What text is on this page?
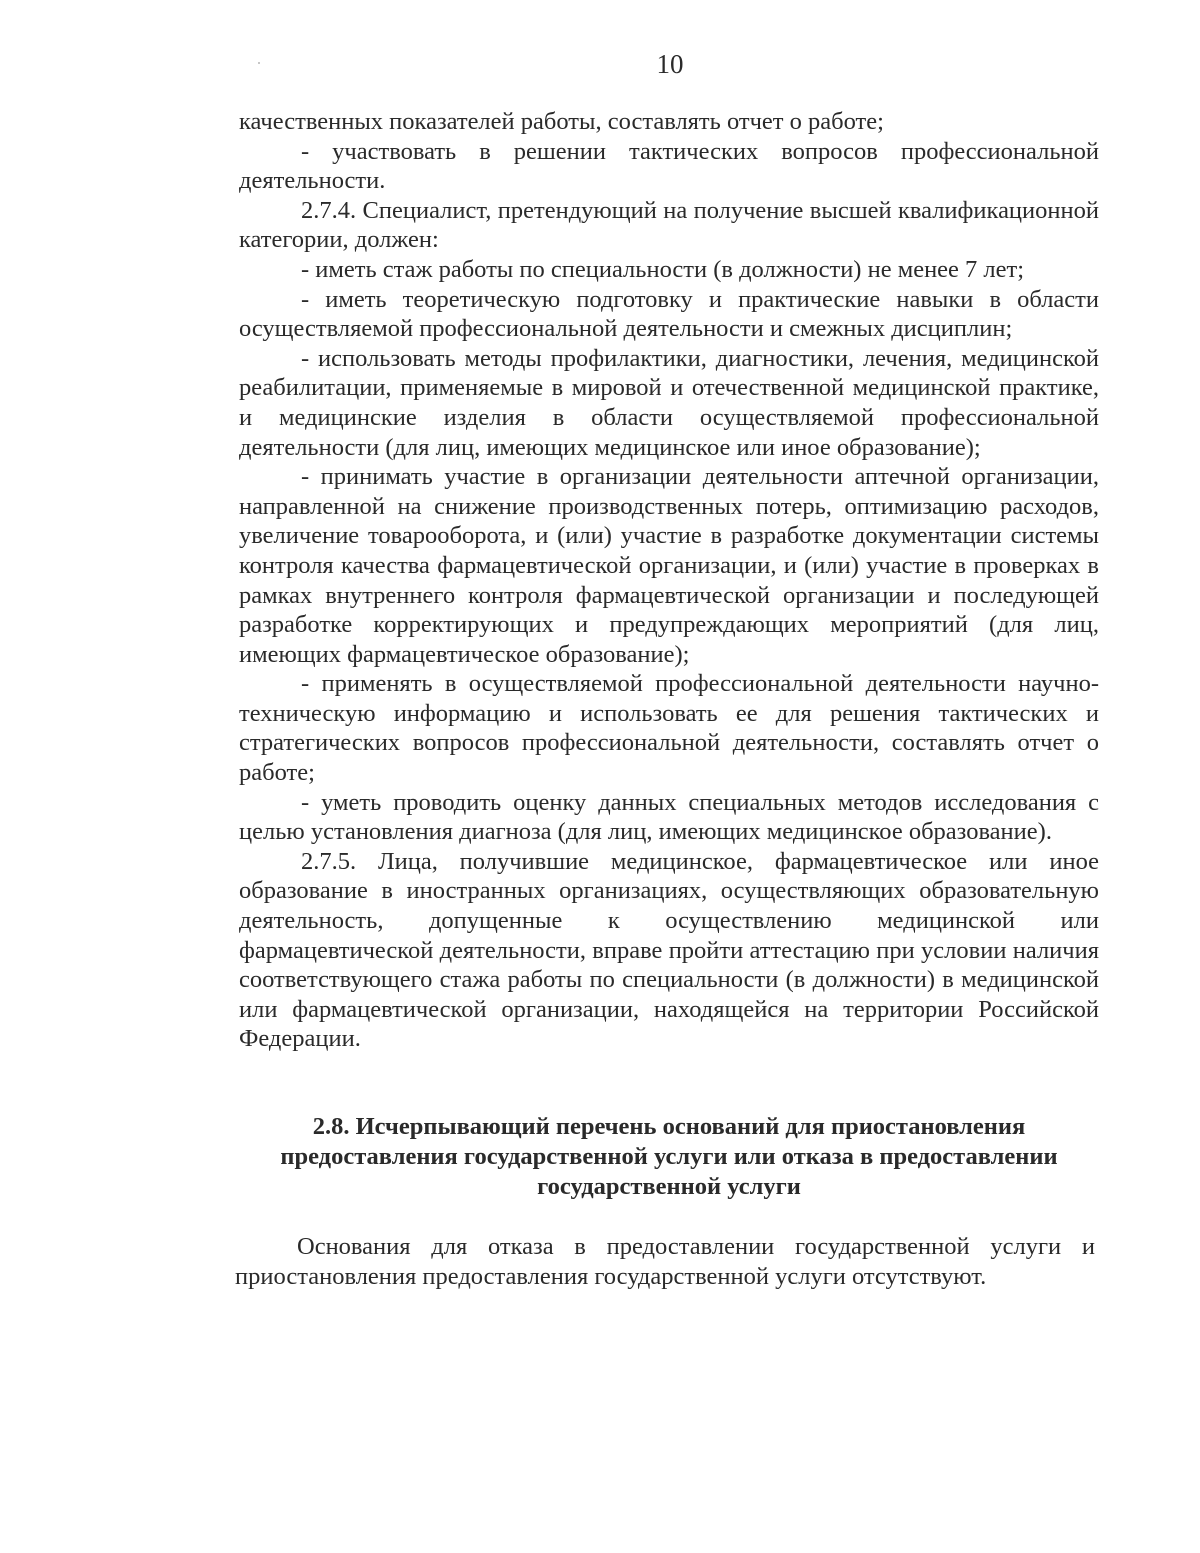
10

качественных показателей работы, составлять отчет о работе;

- участвовать в решении тактических вопросов профессиональной деятельности.

2.7.4. Специалист, претендующий на получение высшей квалификационной категории, должен:

- иметь стаж работы по специальности (в должности) не менее 7 лет;

- иметь теоретическую подготовку и практические навыки в области осуществляемой профессиональной деятельности и смежных дисциплин;

- использовать методы профилактики, диагностики, лечения, медицинской реабилитации, применяемые в мировой и отечественной медицинской практике, и медицинские изделия в области осуществляемой профессиональной деятельности (для лиц, имеющих медицинское или иное образование);

- принимать участие в организации деятельности аптечной организации, направленной на снижение производственных потерь, оптимизацию расходов, увеличение товарооборота, и (или) участие в разработке документации системы контроля качества фармацевтической организации, и (или) участие в проверках в рамках внутреннего контроля фармацевтической организации и последующей разработке корректирующих и предупреждающих мероприятий (для лиц, имеющих фармацевтическое образование);

- применять в осуществляемой профессиональной деятельности научно-техническую информацию и использовать ее для решения тактических и стратегических вопросов профессиональной деятельности, составлять отчет о работе;

- уметь проводить оценку данных специальных методов исследования с целью установления диагноза (для лиц, имеющих медицинское образование).

2.7.5. Лица, получившие медицинское, фармацевтическое или иное образование в иностранных организациях, осуществляющих образовательную деятельность, допущенные к осуществлению медицинской или фармацевтической деятельности, вправе пройти аттестацию при условии наличия соответствующего стажа работы по специальности (в должности) в медицинской или фармацевтической организации, находящейся на территории Российской Федерации.

2.8. Исчерпывающий перечень оснований для приостановления
предоставления государственной услуги или отказа в предоставлении
государственной услуги

Основания для отказа в предоставлении государственной услуги и приостановления предоставления государственной услуги отсутствуют.
